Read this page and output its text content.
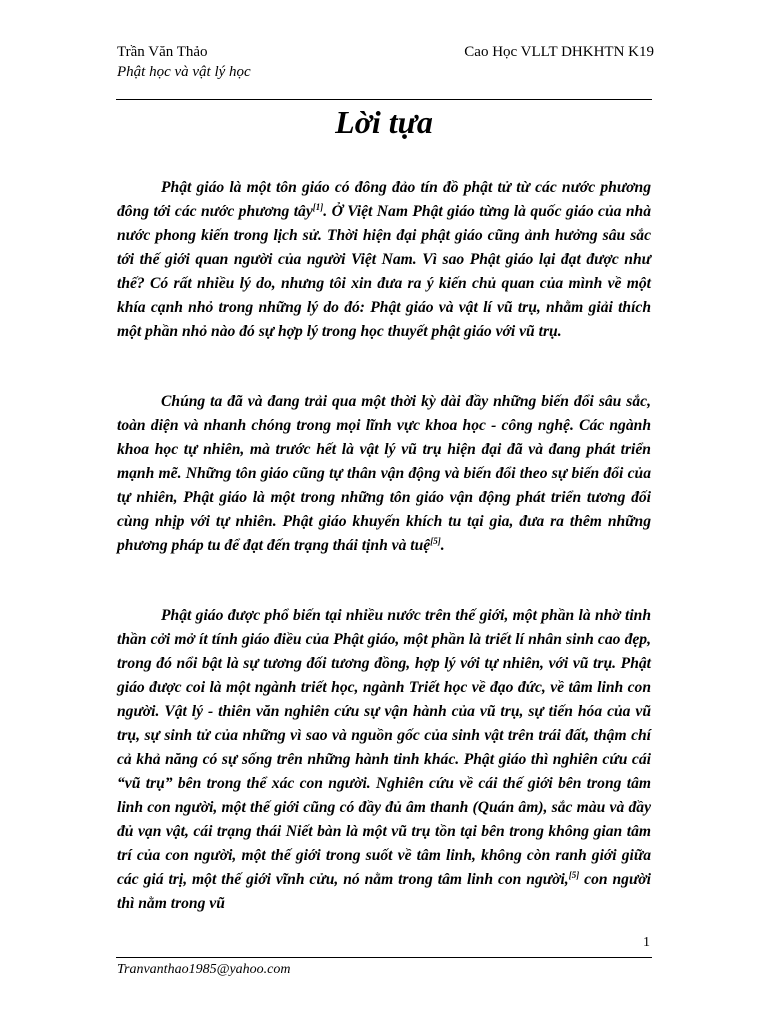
Trần Văn Thảo
Phật học và vật lý học
Cao Học VLLT DHKHTN K19
Lời tựa

Phật giáo là một tôn giáo có đông đảo tín đồ phật tử từ các nước phương đông tới các nước phương tây[1]. Ở Việt Nam Phật giáo từng là quốc giáo của nhà nước phong kiến trong lịch sử. Thời hiện đại phật giáo cũng ảnh hưởng sâu sắc tới thế giới quan người của người Việt Nam. Vì sao Phật giáo lại đạt được như thế? Có rất nhiều lý do, nhưng tôi xin đưa ra ý kiến chủ quan của mình về một khía cạnh nhỏ trong những lý do đó: Phật giáo và vật lí vũ trụ, nhằm giải thích một phần nhỏ nào đó sự hợp lý trong học thuyết phật giáo với vũ trụ.

Chúng ta đã và đang trải qua một thời kỳ dài đầy những biến đổi sâu sắc, toàn diện và nhanh chóng trong mọi lĩnh vực khoa học - công nghệ. Các ngành khoa học tự nhiên, mà trước hết là vật lý vũ trụ hiện đại đã và đang phát triển mạnh mẽ. Những tôn giáo cũng tự thân vận động và biến đổi theo sự biến đổi của tự nhiên, Phật giáo là một trong những tôn giáo vận động phát triển tương đối cùng nhịp với tự nhiên. Phật giáo khuyến khích tu tại gia, đưa ra thêm những phương pháp tu để đạt đến trạng thái tịnh và tuệ[5].

Phật giáo được phổ biến tại nhiều nước trên thế giới, một phần là nhờ tinh thần cởi mở ít tính giáo điều của Phật giáo, một phần là triết lí nhân sinh cao đẹp, trong đó nổi bật là sự tương đối tương đồng, hợp lý với tự nhiên, với vũ trụ. Phật giáo được coi là một ngành triết học, ngành Triết học về đạo đức, về tâm linh con người. Vật lý - thiên văn nghiên cứu sự vận hành của vũ trụ, sự tiến hóa của vũ trụ, sự sinh tử của những vì sao và nguồn gốc của sinh vật trên trái đất, thậm chí cả khả năng có sự sống trên những hành tinh khác. Phật giáo thì nghiên cứu cái “vũ trụ” bên trong thể xác con người. Nghiên cứu về cái thế giới bên trong tâm linh con người, một thế giới cũng có đầy đủ âm thanh (Quán âm), sắc màu và đầy đủ vạn vật, cái trạng thái Niết bàn là một vũ trụ tồn tại bên trong không gian tâm trí của con người, một thế giới trong suốt về tâm linh, không còn ranh giới giữa các giá trị, một thế giới vĩnh cửu, nó nằm trong tâm linh con người,[5] con người thì nằm trong vũ

1
Tranvanthao1985@yahoo.com
